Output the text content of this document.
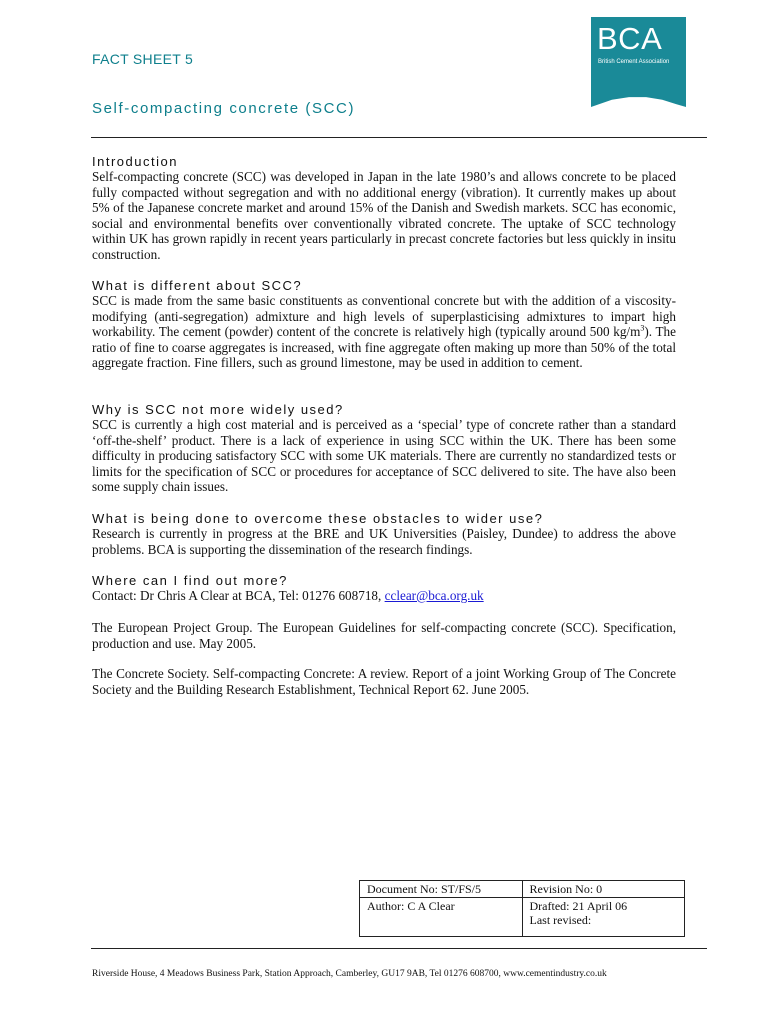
FACT SHEET 5
Self-compacting concrete (SCC)
BCA
British Cement Association
Introduction
Self-compacting concrete (SCC) was developed in Japan in the late 1980’s and allows concrete to be placed fully compacted without segregation and with no additional energy (vibration). It currently makes up about 5% of the Japanese concrete market and around 15% of the Danish and Swedish markets. SCC has economic, social and environmental benefits over conventionally vibrated concrete. The uptake of SCC technology within UK has grown rapidly in recent years particularly in precast concrete factories but less quickly in insitu construction.
What is different about SCC?
SCC is made from the same basic constituents as conventional concrete but with the addition of a viscosity-modifying (anti-segregation) admixture and high levels of superplasticising admixtures to impart high workability. The cement (powder) content of the concrete is relatively high (typically around 500 $kg/m^3$). The ratio of fine to coarse aggregates is increased, with fine aggregate often making up more than 50% of the total aggregate fraction. Fine fillers, such as ground limestone, may be used in addition to cement.
Why is SCC not more widely used?
SCC is currently a high cost material and is perceived as a ‘special’ type of concrete rather than a standard ‘off-the-shelf’ product. There is a lack of experience in using SCC within the UK. There has been some difficulty in producing satisfactory SCC with some UK materials. There are currently no standardized tests or limits for the specification of SCC or procedures for acceptance of SCC delivered to site. The have also been some supply chain issues.
What is being done to overcome these obstacles to wider use?
Research is currently in progress at the BRE and UK Universities (Paisley, Dundee) to address the above problems. BCA is supporting the dissemination of the research findings.
Where can I find out more?
Contact: Dr Chris A Clear at BCA, Tel: 01276 608718, cclear@bca.org.uk
The European Project Group. The European Guidelines for self-compacting concrete (SCC). Specification, production and use. May 2005.
The Concrete Society. Self-compacting Concrete: A review. Report of a joint Working Group of The Concrete Society and the Building Research Establishment, Technical Report 62. June 2005.
Document No: ST/FS/5	Revision No: 0
Author: C A Clear	Drafted: 21 April 06
Last revised:
Riverside House, 4 Meadows Business Park, Station Approach, Camberley, GU17 9AB, Tel 01276 608700, www.cementindustry.co.uk
